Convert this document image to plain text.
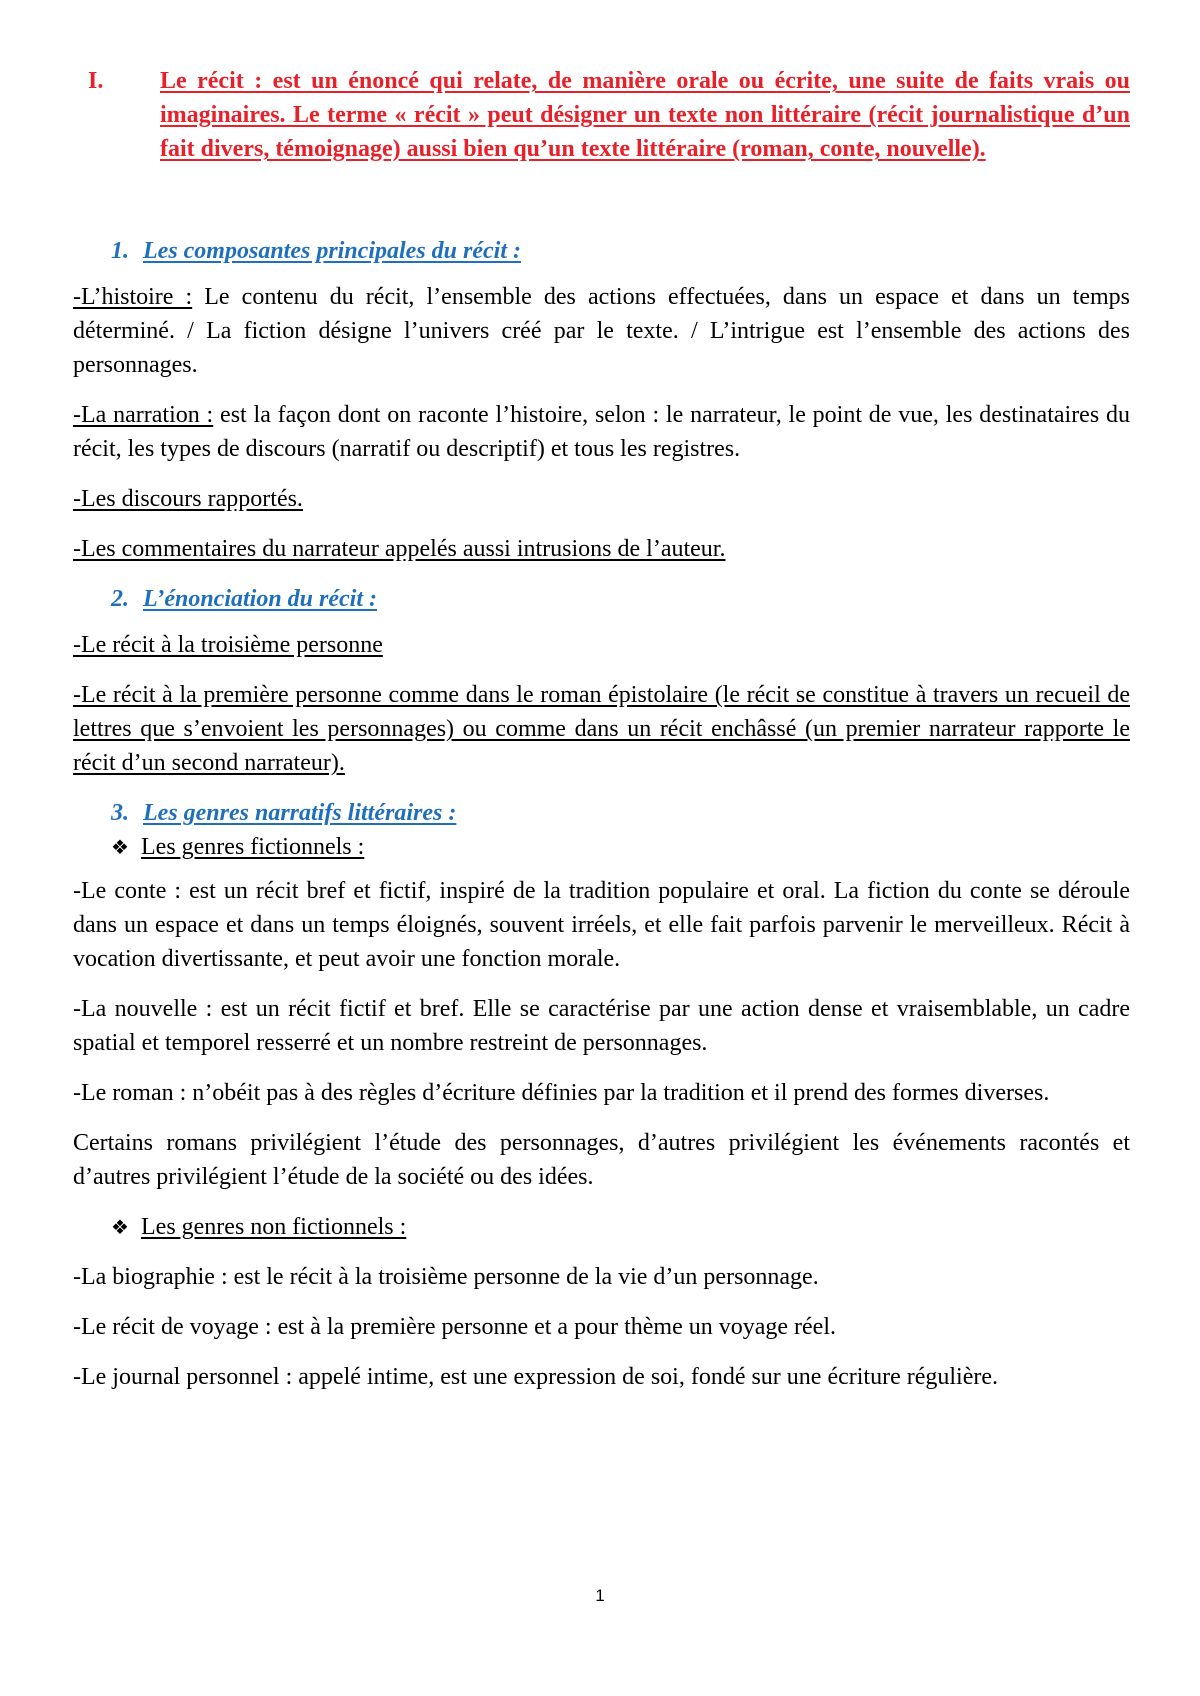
I.	Le récit : est un énoncé qui relate, de manière orale ou écrite, une suite de faits vrais ou imaginaires. Le terme « récit » peut désigner un texte non littéraire (récit journalistique d’un fait divers, témoignage) aussi bien qu’un texte littéraire (roman, conte, nouvelle).
1. Les composantes principales du récit :

-L’histoire : Le contenu du récit, l’ensemble des actions effectuées, dans un espace et dans un temps déterminé. / La fiction désigne l’univers créé par le texte. / L’intrigue est l’ensemble des actions des personnages.

-La narration : est la façon dont on raconte l’histoire, selon : le narrateur, le point de vue, les destinataires du récit, les types de discours (narratif ou descriptif) et tous les registres.

-Les discours rapportés.

-Les commentaires du narrateur appelés aussi intrusions de l’auteur.

2. L’énonciation du récit :

-Le récit à la troisième personne

-Le récit à la première personne comme dans le roman épistolaire (le récit se constitue à travers un recueil de lettres que s’envoient les personnages) ou comme dans un récit enchâssé (un premier narrateur rapporte le récit d’un second narrateur).

3. Les genres narratifs littéraires :
❖ Les genres fictionnels :

-Le conte : est un récit bref et fictif, inspiré de la tradition populaire et oral. La fiction du conte se déroule dans un espace et dans un temps éloignés, souvent irréels, et elle fait parfois parvenir le merveilleux. Récit à vocation divertissante, et peut avoir une fonction morale.

-La nouvelle : est un récit fictif et bref. Elle se caractérise par une action dense et vraisemblable, un cadre spatial et temporel resserré et un nombre restreint de personnages.

-Le roman : n’obéit pas à des règles d’écriture définies par la tradition et il prend des formes diverses.

Certains romans privilégient l’étude des personnages, d’autres privilégient les événements racontés et d’autres privilégient l’étude de la société ou des idées.

❖ Les genres non fictionnels :

-La biographie : est le récit à la troisième personne de la vie d’un personnage.

-Le récit de voyage : est à la première personne et a pour thème un voyage réel.

-Le journal personnel : appelé intime, est une expression de soi, fondé sur une écriture régulière.

1
